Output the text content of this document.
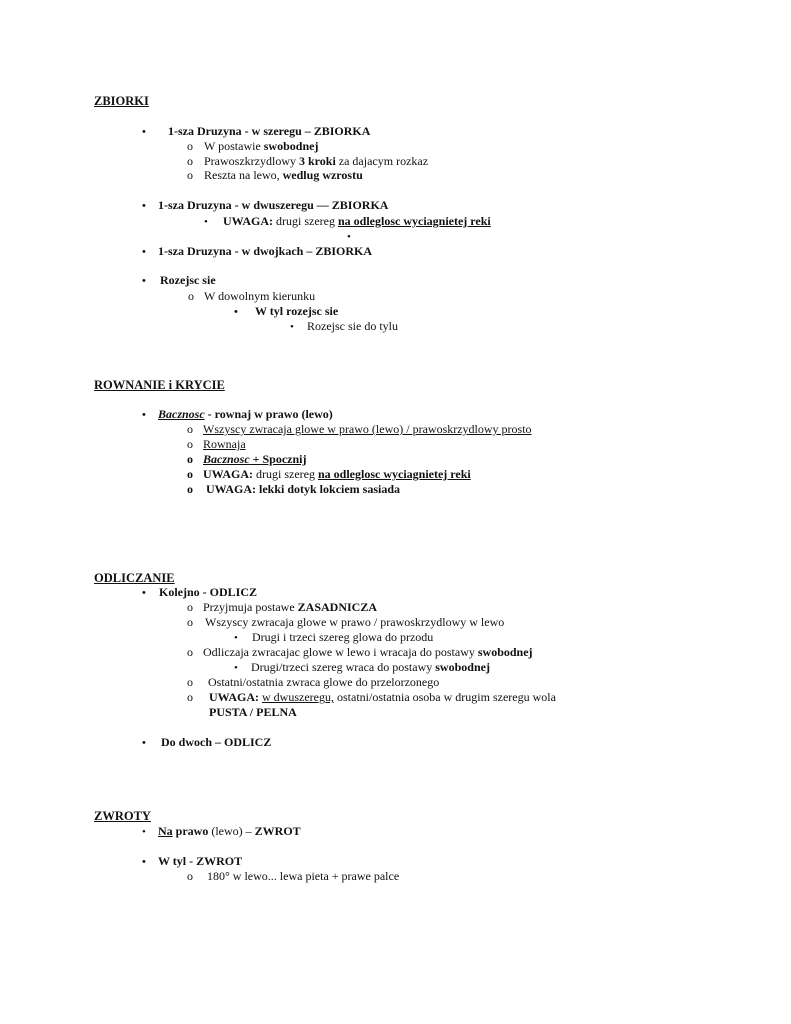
ZBIORKI
• 1-sza Druzyna - w szeregu – ZBIORKA
o W postawie swobodnej
o Prawoszkrzydlowy 3 kroki za dajacym rozkaz
o Reszta na lewo, wedlug wzrostu
• 1-sza Druzyna - w dwuszeregu — ZBIORKA
• UWAGA: drugi szereg na odleglosc wyciagnietej reki
•
• 1-sza Druzyna - w dwojkach – ZBIORKA
• Rozejsc sie
o W dowolnym kierunku
• W tyl rozejsc sie
• Rozejsc sie do tylu
ROWNANIE i KRYCIE
• Bacznosc - rownaj w prawo (lewo)
o Wszyscy zwracaja glowe w prawo (lewo) / prawoskrzydlowy prosto
o Rownaja
o Bacznosc + Spocznij
o UWAGA: drugi szereg na odleglosc wyciagnietej reki
o UWAGA: lekki dotyk lokciem sasiada
ODLICZANIE
• Kolejno - ODLICZ
o Przyjmuja postawe ZASADNICZA
o Wszyscy zwracaja glowe w prawo / prawoskrzydlowy w lewo
• Drugi i trzeci szereg glowa do przodu
o Odliczaja zwracajac glowe w lewo i wracaja do postawy swobodnej
• Drugi/trzeci szereg wraca do postawy swobodnej
o Ostatni/ostatnia zwraca glowe do przelorzonego
o UWAGA: w dwuszeregu, ostatni/ostatnia osoba w drugim szeregu wola
PUSTA / PELNA
• Do dwoch – ODLICZ
ZWROTY
• Na prawo (lewo) – ZWROT
• W tyl - ZWROT
o 180° w lewo... lewa pieta + prawe palce
